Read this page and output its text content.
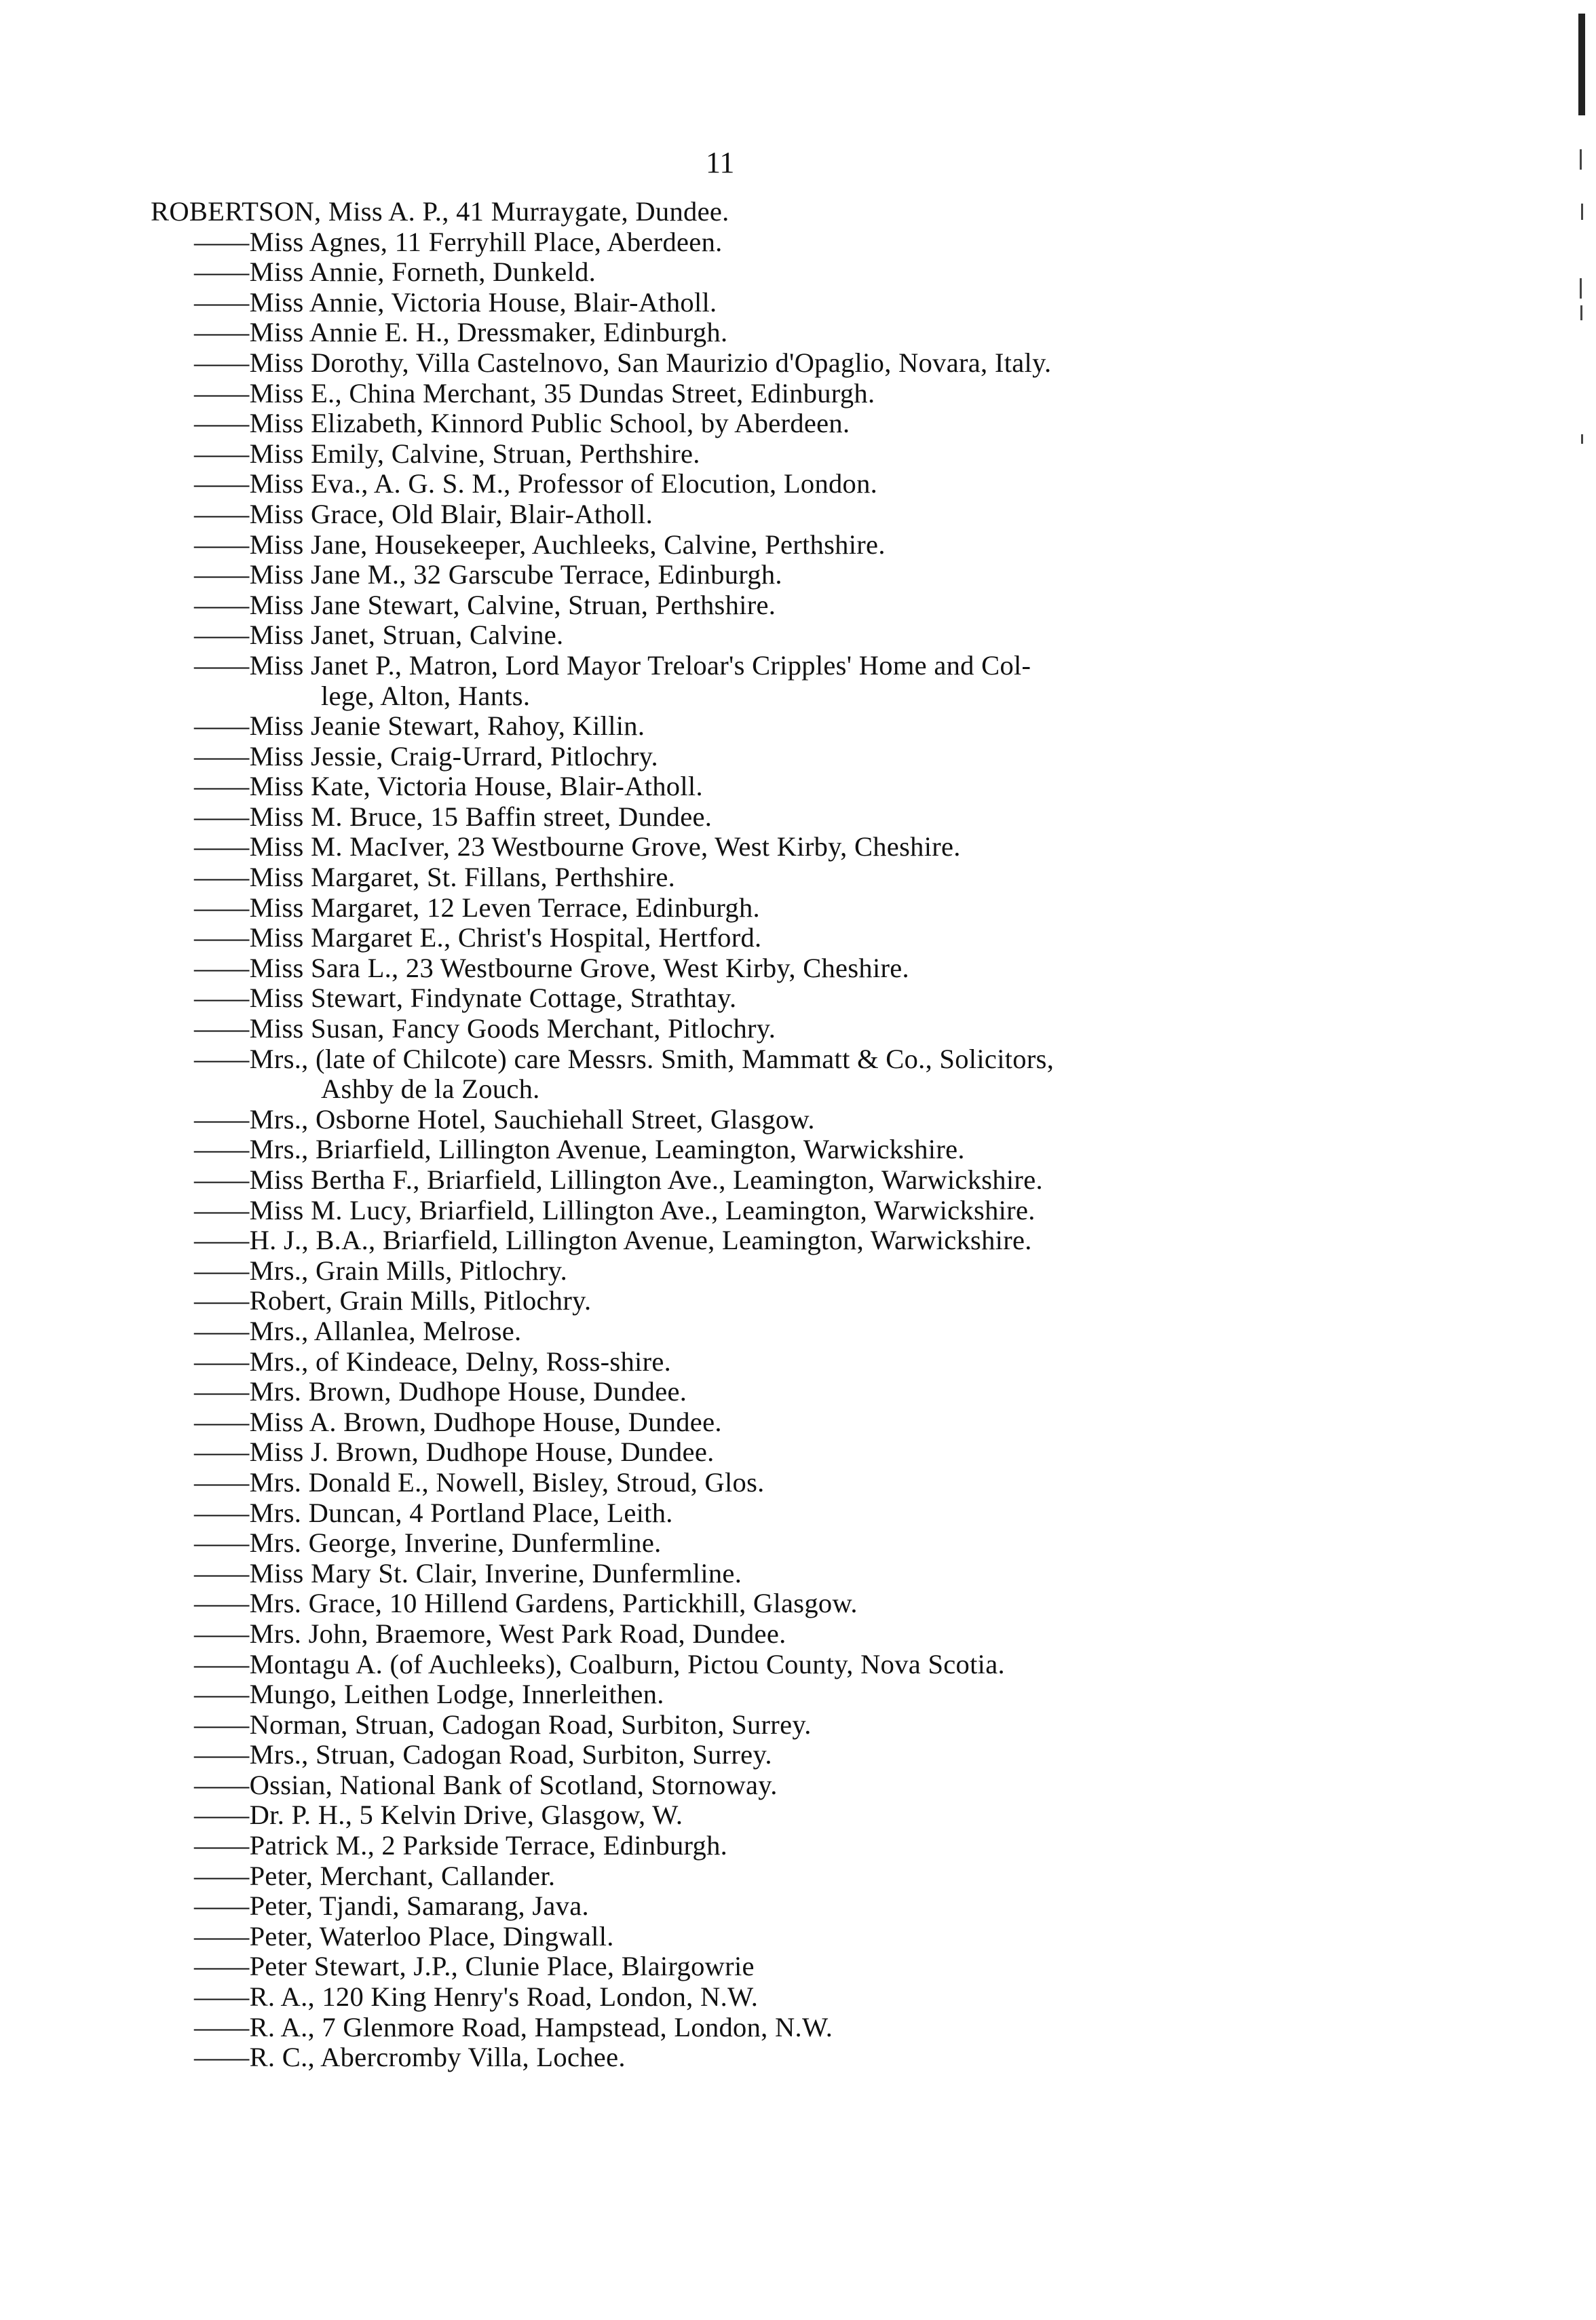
11
ROBERTSON, Miss A. P., 41 Murraygate, Dundee.
——Miss Agnes, 11 Ferryhill Place, Aberdeen.
——Miss Annie, Forneth, Dunkeld.
——Miss Annie, Victoria House, Blair-Atholl.
——Miss Annie E. H., Dressmaker, Edinburgh.
——Miss Dorothy, Villa Castelnovo, San Maurizio d'Opaglio, Novara, Italy.
——Miss E., China Merchant, 35 Dundas Street, Edinburgh.
——Miss Elizabeth, Kinnord Public School, by Aberdeen.
——Miss Emily, Calvine, Struan, Perthshire.
——Miss Eva., A. G. S. M., Professor of Elocution, London.
——Miss Grace, Old Blair, Blair-Atholl.
——Miss Jane, Housekeeper, Auchleeks, Calvine, Perthshire.
——Miss Jane M., 32 Garscube Terrace, Edinburgh.
——Miss Jane Stewart, Calvine, Struan, Perthshire.
——Miss Janet, Struan, Calvine.
——Miss Janet P., Matron, Lord Mayor Treloar's Cripples' Home and Col-
lege, Alton, Hants.
——Miss Jeanie Stewart, Rahoy, Killin.
——Miss Jessie, Craig-Urrard, Pitlochry.
——Miss Kate, Victoria House, Blair-Atholl.
——Miss M. Bruce, 15 Baffin street, Dundee.
——Miss M. MacIver, 23 Westbourne Grove, West Kirby, Cheshire.
——Miss Margaret, St. Fillans, Perthshire.
——Miss Margaret, 12 Leven Terrace, Edinburgh.
——Miss Margaret E., Christ's Hospital, Hertford.
——Miss Sara L., 23 Westbourne Grove, West Kirby, Cheshire.
——Miss Stewart, Findynate Cottage, Strathtay.
——Miss Susan, Fancy Goods Merchant, Pitlochry.
——Mrs., (late of Chilcote) care Messrs. Smith, Mammatt & Co., Solicitors,
Ashby de la Zouch.
——Mrs., Osborne Hotel, Sauchiehall Street, Glasgow.
——Mrs., Briarfield, Lillington Avenue, Leamington, Warwickshire.
——Miss Bertha F., Briarfield, Lillington Ave., Leamington, Warwickshire.
——Miss M. Lucy, Briarfield, Lillington Ave., Leamington, Warwickshire.
——H. J., B.A., Briarfield, Lillington Avenue, Leamington, Warwickshire.
——Mrs., Grain Mills, Pitlochry.
——Robert, Grain Mills, Pitlochry.
——Mrs., Allanlea, Melrose.
——Mrs., of Kindeace, Delny, Ross-shire.
——Mrs. Brown, Dudhope House, Dundee.
——Miss A. Brown, Dudhope House, Dundee.
——Miss J. Brown, Dudhope House, Dundee.
——Mrs. Donald E., Nowell, Bisley, Stroud, Glos.
——Mrs. Duncan, 4 Portland Place, Leith.
——Mrs. George, Inverine, Dunfermline.
——Miss Mary St. Clair, Inverine, Dunfermline.
——Mrs. Grace, 10 Hillend Gardens, Partickhill, Glasgow.
——Mrs. John, Braemore, West Park Road, Dundee.
——Montagu A. (of Auchleeks), Coalburn, Pictou County, Nova Scotia.
——Mungo, Leithen Lodge, Innerleithen.
——Norman, Struan, Cadogan Road, Surbiton, Surrey.
——Mrs., Struan, Cadogan Road, Surbiton, Surrey.
——Ossian, National Bank of Scotland, Stornoway.
——Dr. P. H., 5 Kelvin Drive, Glasgow, W.
——Patrick M., 2 Parkside Terrace, Edinburgh.
——Peter, Merchant, Callander.
——Peter, Tjandi, Samarang, Java.
——Peter, Waterloo Place, Dingwall.
——Peter Stewart, J.P., Clunie Place, Blairgowrie
——R. A., 120 King Henry's Road, London, N.W.
——R. A., 7 Glenmore Road, Hampstead, London, N.W.
——R. C., Abercromby Villa, Lochee.
